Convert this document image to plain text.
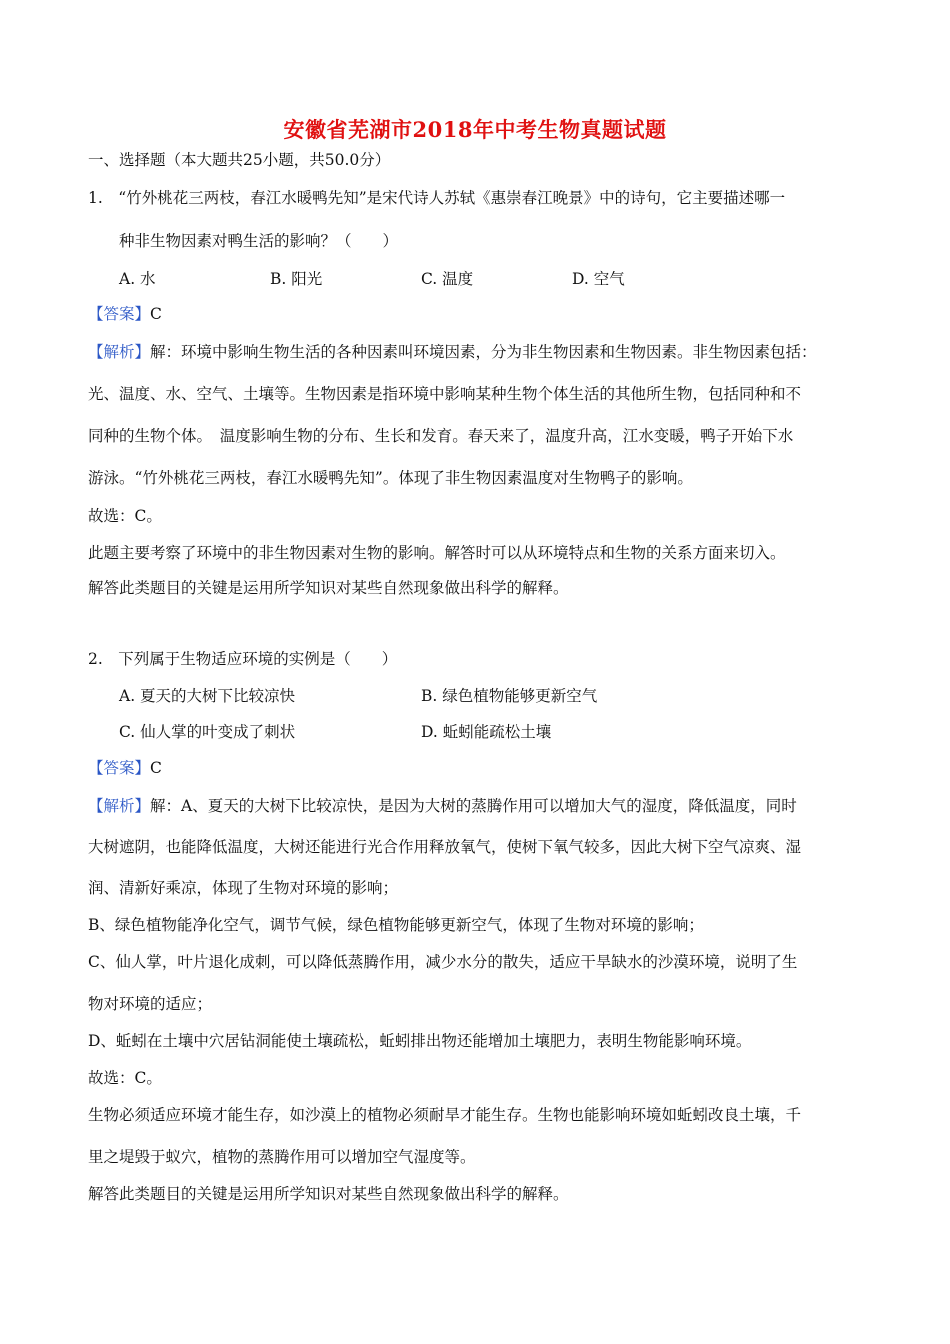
安徽省芜湖市2018年中考生物真题试题
一、选择题（本大题共25小题，共50.0分）
1.　“竹外桃花三两枝，春江水暖鸭先知”是宋代诗人苏轼《惠崇春江晚景》中的诗句，它主要描述哪一
种非生物因素对鸭生活的影响？（　　）
A. 水	B. 阳光	C. 温度	D. 空气
【答案】C
【解析】解：环境中影响生物生活的各种因素叫环境因素，分为非生物因素和生物因素。非生物因素包括：
光、温度、水、空气、土壤等。生物因素是指环境中影响某种生物个体生活的其他所生物，包括同种和不
同种的生物个体。　温度影响生物的分布、生长和发育。春天来了，温度升高，江水变暖，鸭子开始下水
游泳。“竹外桃花三两枝，春江水暖鸭先知”。体现了非生物因素温度对生物鸭子的影响。
故选：C。
此题主要考察了环境中的非生物因素对生物的影响。解答时可以从环境特点和生物的关系方面来切入。
解答此类题目的关键是运用所学知识对某些自然现象做出科学的解释。
2.　下列属于生物适应环境的实例是（　　）
A. 夏天的大树下比较凉快	B. 绿色植物能够更新空气
C. 仙人掌的叶变成了刺状	D. 蚯蚓能疏松土壤
【答案】C
【解析】解：A、夏天的大树下比较凉快，是因为大树的蒸腾作用可以增加大气的湿度，降低温度，同时
大树遮阴，也能降低温度，大树还能进行光合作用释放氧气，使树下氧气较多，因此大树下空气凉爽、湿
润、清新好乘凉，体现了生物对环境的影响；
B、绿色植物能净化空气，调节气候，绿色植物能够更新空气，体现了生物对环境的影响；
C、仙人掌，叶片退化成刺，可以降低蒸腾作用，减少水分的散失，适应干旱缺水的沙漠环境，说明了生
物对环境的适应；
D、蚯蚓在土壤中穴居钻洞能使土壤疏松，蚯蚓排出物还能增加土壤肥力，表明生物能影响环境。
故选：C。
生物必须适应环境才能生存，如沙漠上的植物必须耐旱才能生存。生物也能影响环境如蚯蚓改良土壤，千
里之堤毁于蚁穴，植物的蒸腾作用可以增加空气湿度等。
解答此类题目的关键是运用所学知识对某些自然现象做出科学的解释。
